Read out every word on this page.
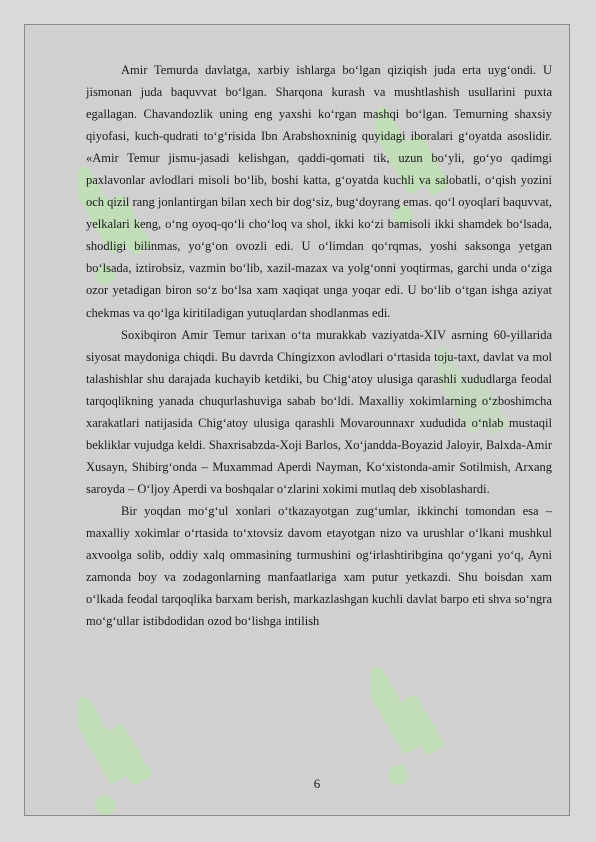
Amir Temurda davlatga, xarbiy ishlarga bo‘lgan qiziqish juda erta uyg‘ondi. U jismonan juda baquvvat bo‘lgan. Sharqona kurash va mushtlashish usullarini puxta egallagan. Chavandozlik uning eng yaxshi ko‘rgan mashqi bo‘lgan. Temurning shaxsiy qiyofasi, kuch-qudrati to‘g‘risida Ibn Arabshoxninig quyidagi iboralari g‘oyatda asoslidir. «Amir Temur jismu-jasadi kelishgan, qaddi-qomati tik, uzun bo‘yli, go‘yo qadimgi paxlavonlar avlodlari misoli bo‘lib, boshi katta, g‘oyatda kuchli va salobatli, o‘qish yozini och qizil rang jonlantirgan bilan xech bir dog‘siz, bug‘doyrang emas. qo‘l oyoqlari baquvvat, yelkalari keng, o‘ng oyoq-qo‘li cho‘loq va shol, ikki ko‘zi bamisoli ikki shamdek bo‘lsada, shodligi bilinmas, yo‘g‘on ovozli edi. U o‘limdan qo‘rqmas, yoshi saksonga yetgan bo‘lsada, iztirobsiz, vazmin bo‘lib, xazil-mazax va yolg‘onni yoqtirmas, garchi unda o‘ziga ozor yetadigan biron so‘z bo‘lsa xam xaqiqat unga yoqar edi. U bo‘lib o‘tgan ishga aziyat chekmas va qo‘lga kiritiladigan yutuqlardan shodlanmas edi.

Soxibqiron Amir Temur tarixan o‘ta murakkab vaziyatda-XIV asrning 60-yillarida siyosat maydoniga chiqdi. Bu davrda Chingizxon avlodlari o‘rtasida toju-taxt, davlat va mol talashishlar shu darajada kuchayib ketdiki, bu Chig‘atoy ulusiga qarashli xududlarga feodal tarqoqlikning yanada chuqurlashuviga sabab bo‘ldi. Maxalliy xokimlarning o‘zboshimcha xarakatlari natijasida Chig‘atoy ulusiga qarashli Movarounnaxr xududida o‘nlab mustaqil bekliklar vujudga keldi. Shaxrisabzda-Xoji Barlos, Xo‘jandda-Boyazid Jaloyir, Balxda-Amir Xusayn, Shibirg‘onda – Muxammad Aperdi Nayman, Ko‘xistonda-amir Sotilmish, Arxang saroyda – O‘ljoy Aperdi va boshqalar o‘zlarini xokimi mutlaq deb xisoblashardi.

Bir yoqdan mo‘g‘ul xonlari o‘tkazayotgan zug‘umlar, ikkinchi tomondan esa – maxalliy xokimlar o‘rtasida to‘xtovsiz davom etayotgan nizo va urushlar o‘lkani mushkul axvoolga solib, oddiy xalq ommasining turmushini og‘irlashtiribgina qo‘ygani yo‘q, Ayni zamonda boy va zodagonlarning manfaatlariga xam putur yetkazdi. Shu boisdan xam o‘lkada feodal tarqoqlika barxam berish, markazlashgan kuchli davlat barpo eti shva so‘ngra mo‘g‘ullar istibdodidan ozod bo‘lishga intilish

6
